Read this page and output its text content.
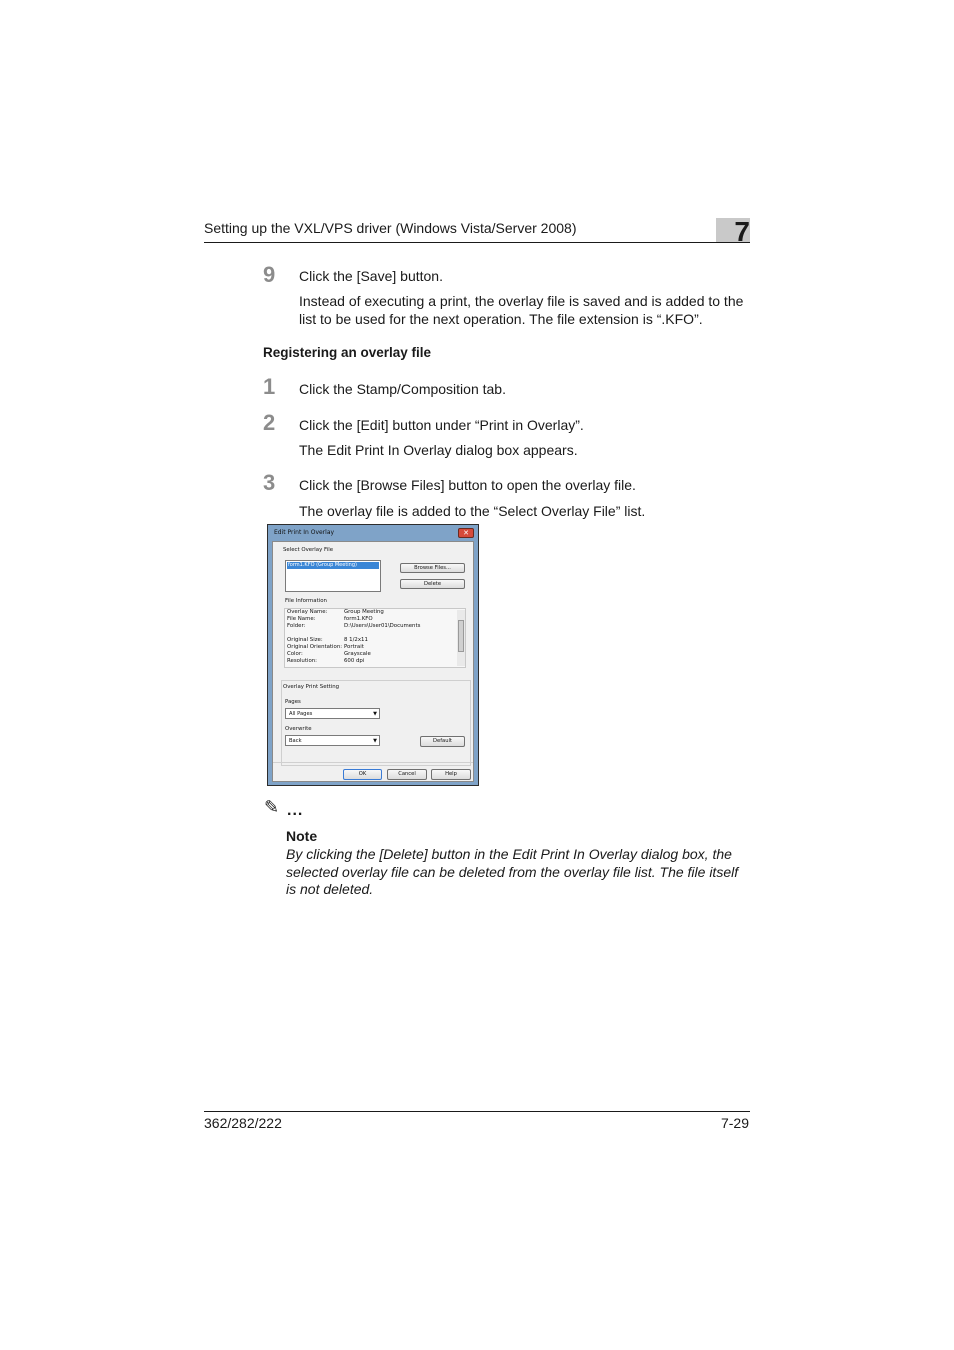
Setting up the VXL/VPS driver (Windows Vista/Server 2008)	7
9 Click the [Save] button.
Instead of executing a print, the overlay file is saved and is added to the list to be used for the next operation. The file extension is “.KFO”.
Registering an overlay file
1 Click the Stamp/Composition tab.
2 Click the [Edit] button under “Print in Overlay”.
The Edit Print In Overlay dialog box appears.
3 Click the [Browse Files] button to open the overlay file.
The overlay file is added to the “Select Overlay File” list.
Edit Print In Overlay	✕
Select Overlay File
form1.KFO (Group Meeting)	Browse Files...
Delete
File Information
Overlay Name:	Group Meeting
File Name:	form1.KFO
Folder:	D:\Users\User01\Documents
Original Size:	8 1/2x11
Original Orientation: Portrait
Color:	Grayscale
Resolution:	600 dpi
Overlay Print Setting
Pages
All Pages	▼
Overwrite
Back	▼	Default
OK	Cancel	Help
✎ ...
Note
By clicking the [Delete] button in the Edit Print In Overlay dialog box, the selected overlay file can be deleted from the overlay file list. The file itself is not deleted.
362/282/222	7-29
